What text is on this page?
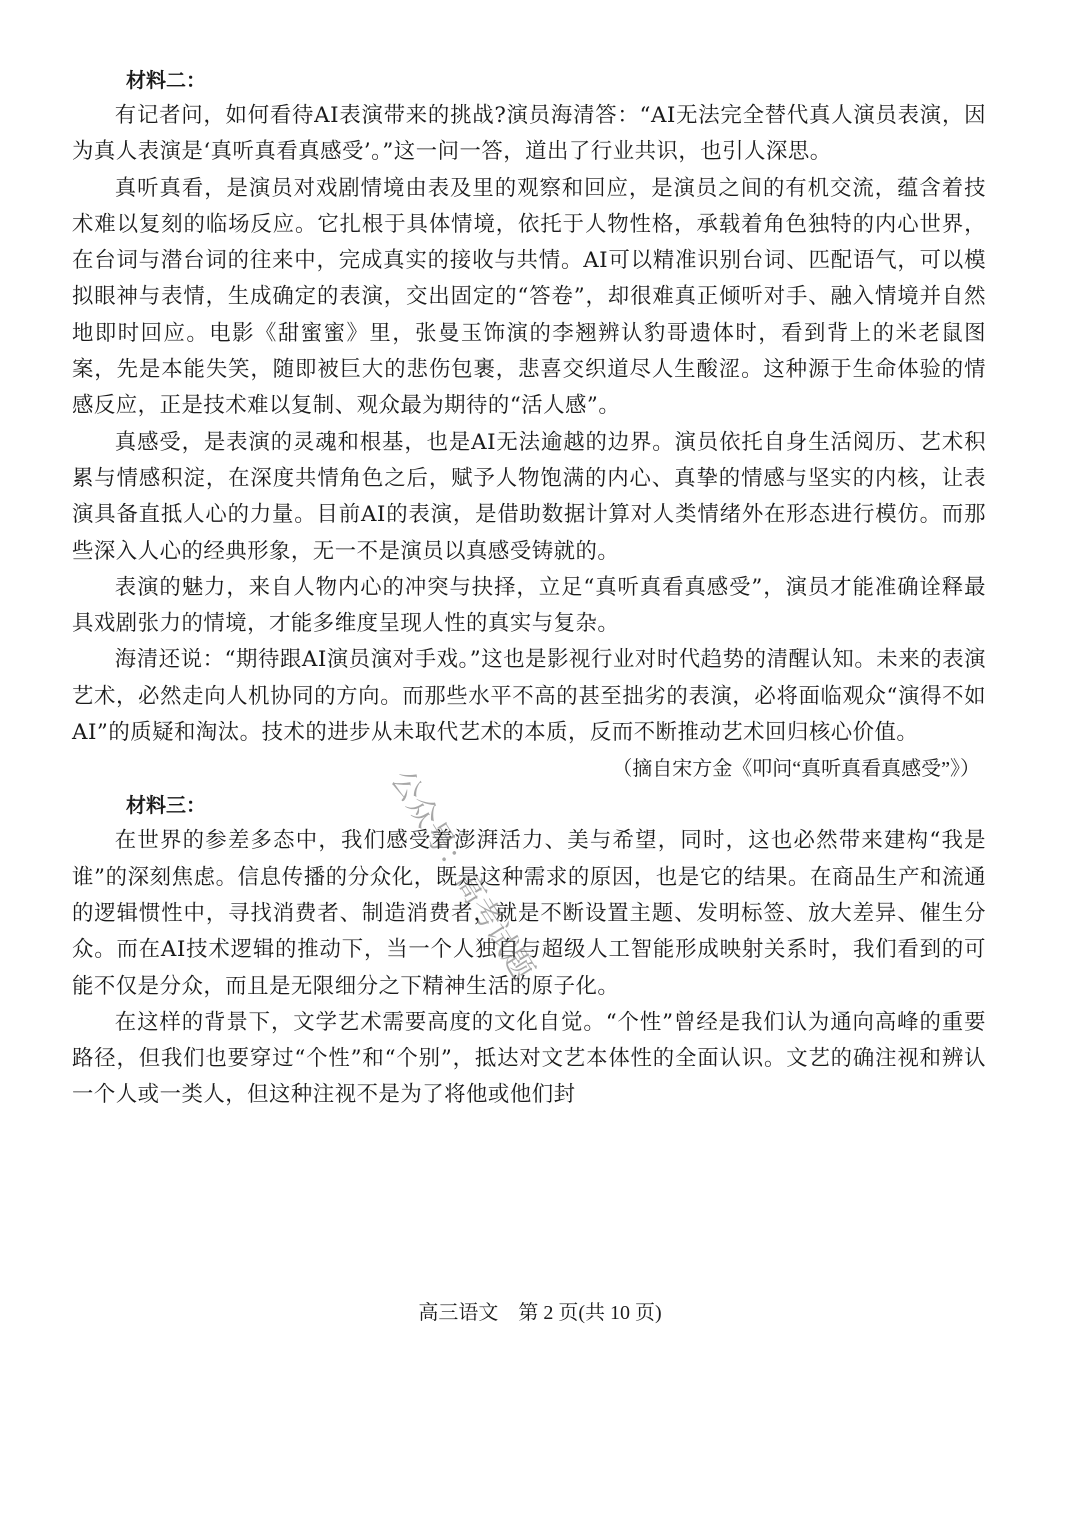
材料二：

有记者问，如何看待AI表演带来的挑战?演员海清答：“AI无法完全替代真人演员表演，因为真人表演是‘真听真看真感受’。”这一问一答，道出了行业共识，也引人深思。

真听真看，是演员对戏剧情境由表及里的观察和回应，是演员之间的有机交流，蕴含着技术难以复刻的临场反应。它扎根于具体情境，依托于人物性格，承载着角色独特的内心世界，在台词与潜台词的往来中，完成真实的接收与共情。AI可以精准识别台词、匹配语气，可以模拟眼神与表情，生成确定的表演，交出固定的“答卷”，却很难真正倾听对手、融入情境并自然地即时回应。电影《甜蜜蜜》里，张曼玉饰演的李翘辨认豹哥遗体时，看到背上的米老鼠图案，先是本能失笑，随即被巨大的悲伤包裹，悲喜交织道尽人生酸涩。这种源于生命体验的情感反应，正是技术难以复制、观众最为期待的“活人感”。

真感受，是表演的灵魂和根基，也是AI无法逾越的边界。演员依托自身生活阅历、艺术积累与情感积淀，在深度共情角色之后，赋予人物饱满的内心、真挚的情感与坚实的内核，让表演具备直抵人心的力量。目前AI的表演，是借助数据计算对人类情绪外在形态进行模仿。而那些深入人心的经典形象，无一不是演员以真感受铸就的。

表演的魅力，来自人物内心的冲突与抉择，立足“真听真看真感受”，演员才能准确诠释最具戏剧张力的情境，才能多维度呈现人性的真实与复杂。

海清还说：“期待跟AI演员演对手戏。”这也是影视行业对时代趋势的清醒认知。未来的表演艺术，必然走向人机协同的方向。而那些水平不高的甚至拙劣的表演，必将面临观众“演得不如AI”的质疑和淘汰。技术的进步从未取代艺术的本质，反而不断推动艺术回归核心价值。

（摘自宋方金《叩问“真听真看真感受”》）
材料三：

在世界的参差多态中，我们感受着澎湃活力、美与希望，同时，这也必然带来建构“我是谁”的深刻焦虑。信息传播的分众化，既是这种需求的原因，也是它的结果。在商品生产和流通的逻辑惯性中，寻找消费者、制造消费者，就是不断设置主题、发明标签、放大差异、催生分众。而在AI技术逻辑的推动下，当一个人独自与超级人工智能形成映射关系时，我们看到的可能不仅是分众，而且是无限细分之下精神生活的原子化。

在这样的背景下，文学艺术需要高度的文化自觉。“个性”曾经是我们认为通向高峰的重要路径，但我们也要穿过“个性”和“个别”，抵达对文艺本体性的全面认识。文艺的确注视和辨认一个人或一类人，但这种注视不是为了将他或他们封

公众号：高考试题
高三语文　第 2 页(共 10 页)
